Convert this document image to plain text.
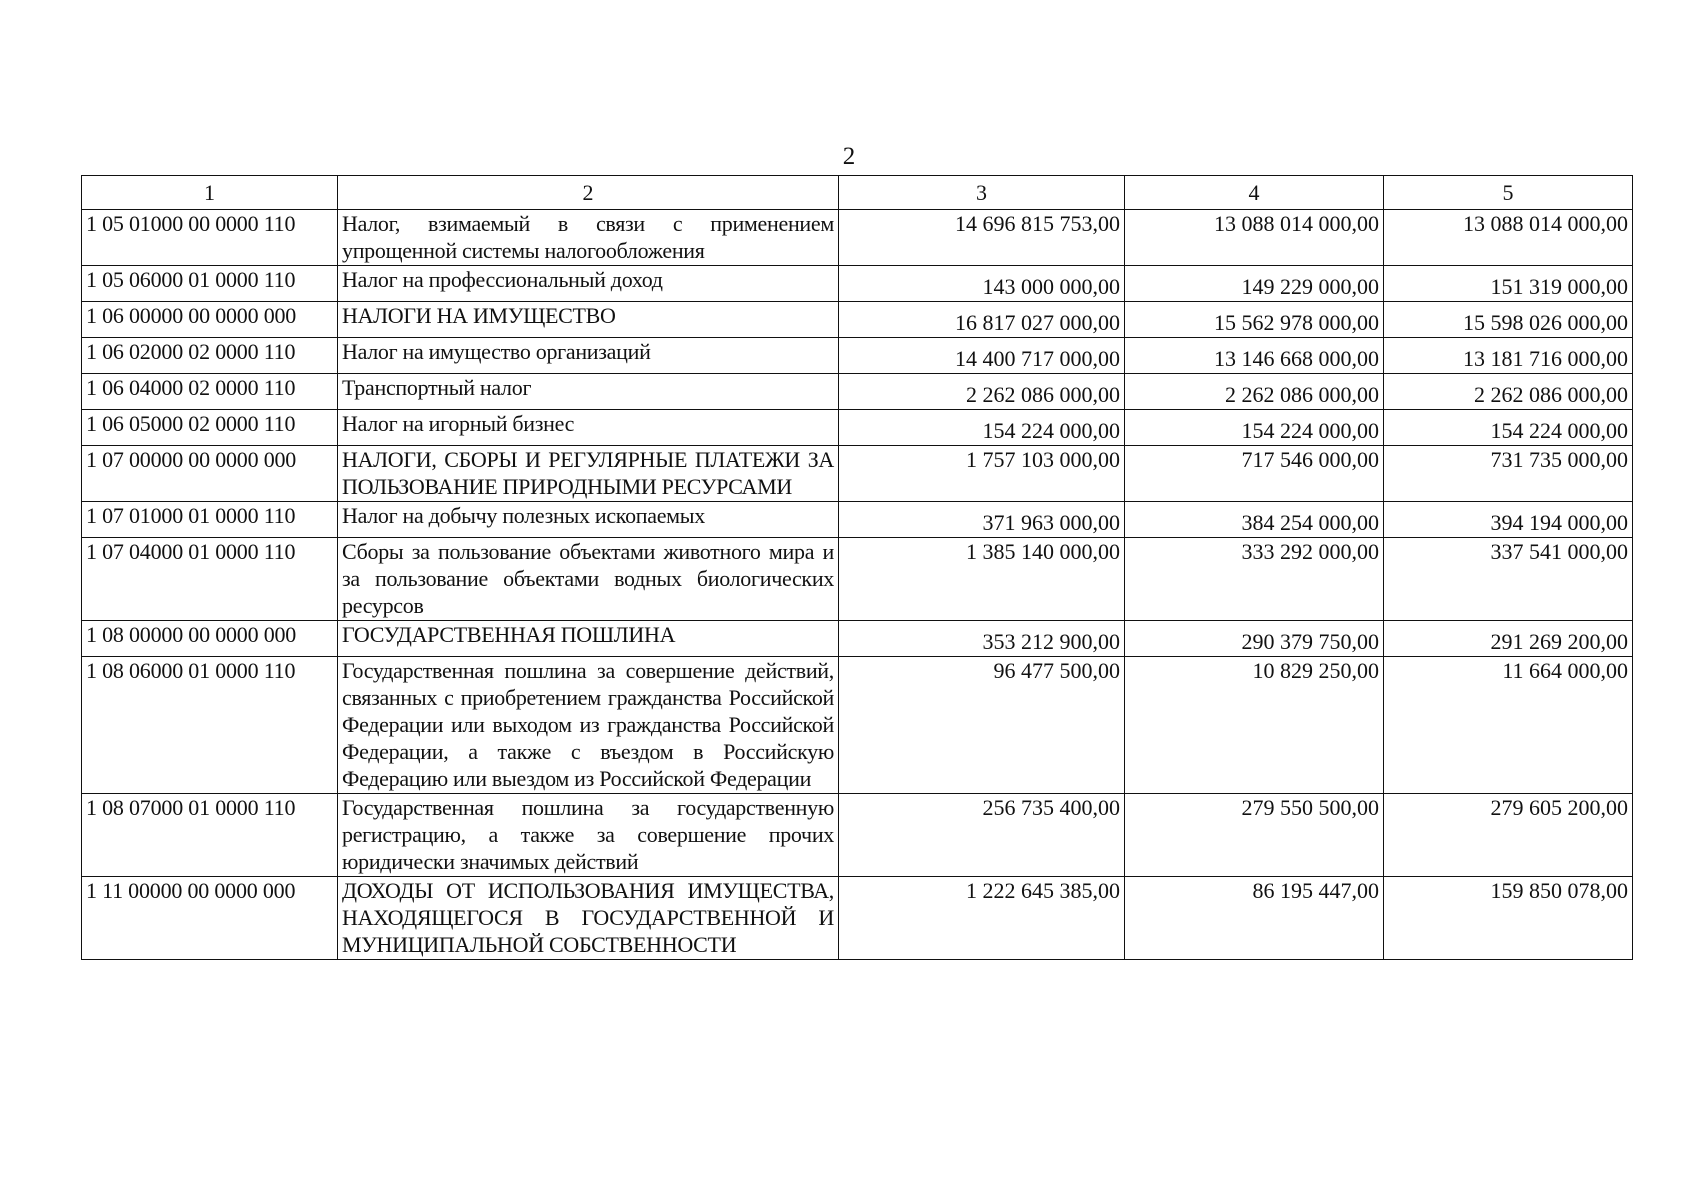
2
1	2	3	4	5
1 05 01000 00 0000 110	Налог, взимаемый в связи с применением упрощенной системы налогообложения	14 696 815 753,00	13 088 014 000,00	13 088 014 000,00
1 05 06000 01 0000 110	Налог на профессиональный доход	143 000 000,00	149 229 000,00	151 319 000,00
1 06 00000 00 0000 000	НАЛОГИ НА ИМУЩЕСТВО	16 817 027 000,00	15 562 978 000,00	15 598 026 000,00
1 06 02000 02 0000 110	Налог на имущество организаций	14 400 717 000,00	13 146 668 000,00	13 181 716 000,00
1 06 04000 02 0000 110	Транспортный налог	2 262 086 000,00	2 262 086 000,00	2 262 086 000,00
1 06 05000 02 0000 110	Налог на игорный бизнес	154 224 000,00	154 224 000,00	154 224 000,00
1 07 00000 00 0000 000	НАЛОГИ, СБОРЫ И РЕГУЛЯРНЫЕ ПЛАТЕЖИ ЗА ПОЛЬЗОВАНИЕ ПРИРОДНЫМИ РЕСУРСАМИ	1 757 103 000,00	717 546 000,00	731 735 000,00
1 07 01000 01 0000 110	Налог на добычу полезных ископаемых	371 963 000,00	384 254 000,00	394 194 000,00
1 07 04000 01 0000 110	Сборы за пользование объектами животного мира и за пользование объектами водных биологических ресурсов	1 385 140 000,00	333 292 000,00	337 541 000,00
1 08 00000 00 0000 000	ГОСУДАРСТВЕННАЯ ПОШЛИНА	353 212 900,00	290 379 750,00	291 269 200,00
1 08 06000 01 0000 110	Государственная пошлина за совершение действий, связанных с приобретением гражданства Российской Федерации или выходом из гражданства Российской Федерации, а также с въездом в Российскую Федерацию или выездом из Российской Федерации	96 477 500,00	10 829 250,00	11 664 000,00
1 08 07000 01 0000 110	Государственная пошлина за государственную регистрацию, а также за совершение прочих юридически значимых действий	256 735 400,00	279 550 500,00	279 605 200,00
1 11 00000 00 0000 000	ДОХОДЫ ОТ ИСПОЛЬЗОВАНИЯ ИМУЩЕСТВА, НАХОДЯЩЕГОСЯ В ГОСУДАРСТВЕННОЙ И МУНИЦИПАЛЬНОЙ СОБСТВЕННОСТИ	1 222 645 385,00	86 195 447,00	159 850 078,00
